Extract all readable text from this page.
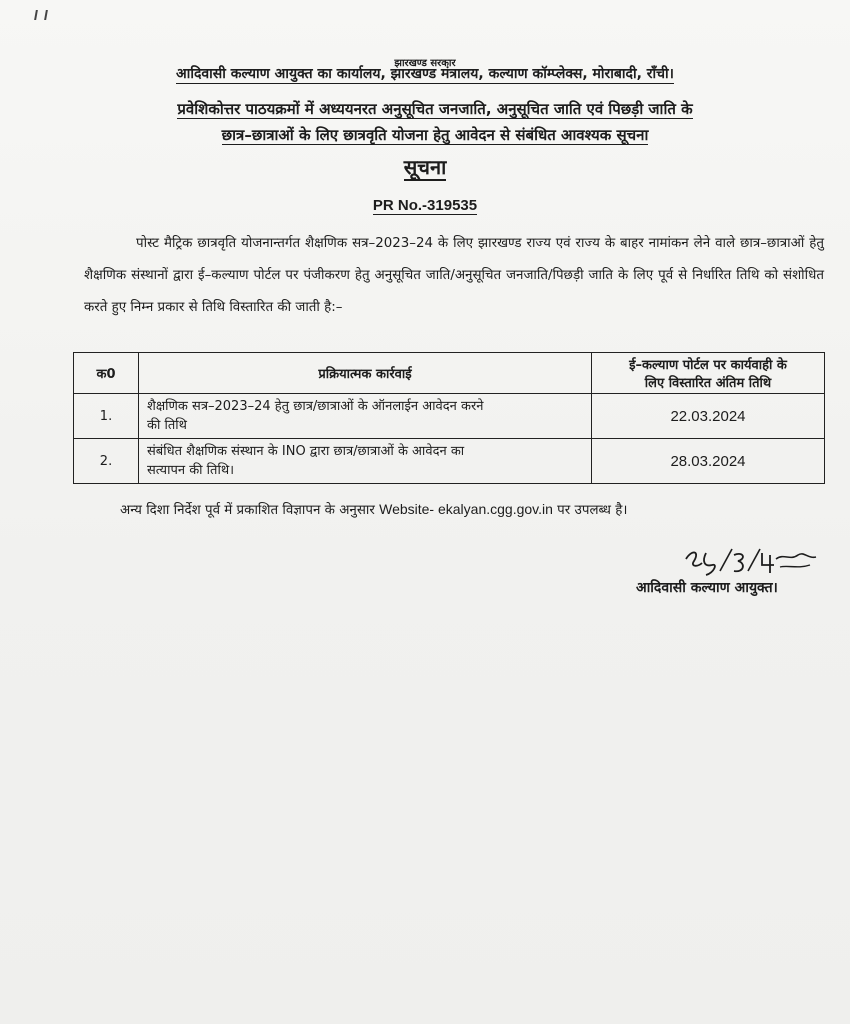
झारखण्ड सरकार
आदिवासी कल्याण आयुक्त का कार्यालय, झारखण्ड मंत्रालय, कल्याण कॉम्प्लेक्स, मोराबादी, राँची।
प्रवेशिकोत्तर पाठयक्रमों में अध्ययनरत अनुसूचित जनजाति, अनुसूचित जाति एवं पिछड़ी जाति के
छात्र–छात्राओं के लिए छात्रवृति योजना हेतु आवेदन से संबंधित आवश्यक सूचना
सूचना
PR No.-319535
पोस्ट मैट्रिक छात्रवृति योजनान्तर्गत शैक्षणिक सत्र–2023–24 के लिए झारखण्ड राज्य एवं राज्य के बाहर नामांकन लेने वाले छात्र–छात्राओं हेतु शैक्षणिक संस्थानों द्वारा ई–कल्याण पोर्टल पर पंजीकरण हेतु अनुसूचित जाति/अनुसूचित जनजाति/पिछड़ी जाति के लिए पूर्व से निर्धारित तिथि को संशोधित करते हुए निम्न प्रकार से तिथि विस्तारित की जाती है:–
क0	प्रक्रियात्मक कार्रवाई	ई–कल्याण पोर्टल पर कार्यवाही के
लिए विस्तारित अंतिम तिथि
1.	शैक्षणिक सत्र–2023–24 हेतु छात्र/छात्राओं के ऑनलाईन आवेदन करने
की तिथि	22.03.2024
2.	संबंधित शैक्षणिक संस्थान के INO द्वारा छात्र/छात्राओं के आवेदन का
सत्यापन की तिथि।	28.03.2024
अन्य दिशा निर्देश पूर्व में प्रकाशित विज्ञापन के अनुसार Website- ekalyan.cgg.gov.in पर उपलब्ध है।
आदिवासी कल्याण आयुक्त।
